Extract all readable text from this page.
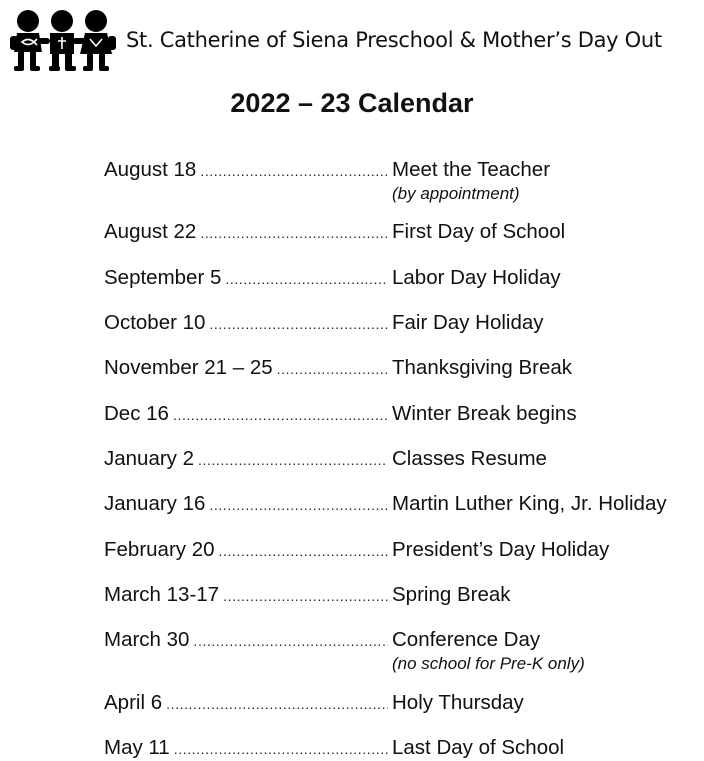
St. Catherine of Siena Preschool & Mother’s Day Out
2022 – 23 Calendar
August 18 .....	Meet the Teacher
(by appointment)
August 22 .....	First Day of School
September 5 .....	Labor Day Holiday
October 10 .....	Fair Day Holiday
November 21 – 25 .....	Thanksgiving Break
Dec 16 .....	Winter Break begins
January 2 .....	Classes Resume
January 16 .....	Martin Luther King, Jr. Holiday
February 20 .....	President’s Day Holiday
March 13-17 .....	Spring Break
March 30 .....	Conference Day
(no school for Pre-K only)
April 6 .....	Holy Thursday
May 11 .....	Last Day of School
